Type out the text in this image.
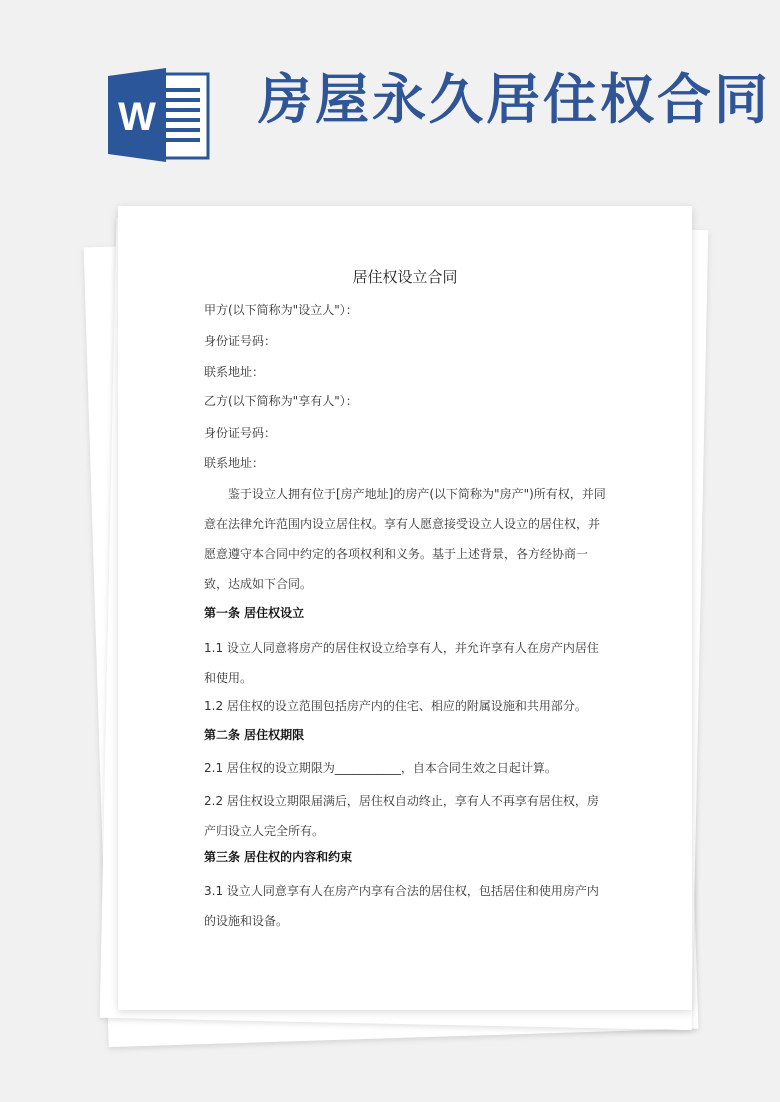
W 房屋永久居住权合同
居住权设立合同
甲方(以下简称为"设立人"）：
身份证号码：
联系地址：
乙方(以下简称为"享有人"）：
身份证号码：
联系地址：

鉴于设立人拥有位于[房产地址]的房产(以下简称为"房产")所有权，并同意在法律允许范围内设立居住权。享有人愿意接受设立人设立的居住权，并愿意遵守本合同中约定的各项权利和义务。基于上述背景，各方经协商一致，达成如下合同。

第一条 居住权设立

1.1 设立人同意将房产的居住权设立给享有人，并允许享有人在房产内居住和使用。

1.2 居住权的设立范围包括房产内的住宅、相应的附属设施和共用部分。

第二条 居住权期限

2.1 居住权的设立期限为___________，自本合同生效之日起计算。

2.2 居住权设立期限届满后，居住权自动终止，享有人不再享有居住权，房产归设立人完全所有。

第三条 居住权的内容和约束

3.1 设立人同意享有人在房产内享有合法的居住权，包括居住和使用房产内的设施和设备。
